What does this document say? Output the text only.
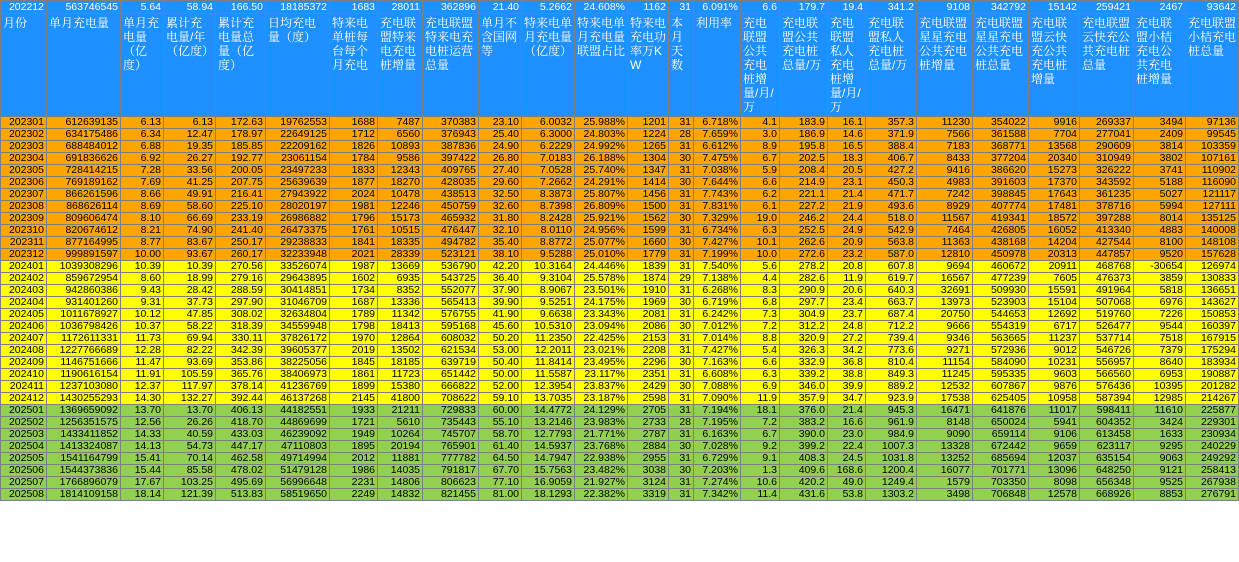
202212	563746545	5.64	58.94	166.50	18185372	1683	28011	362896	21.40	5.2662	24.608%	1162	31	6.091%	6.6	179.7	19.4	341.2	9108	342792	15142	259421	2467	93642
月份	单月充电量	单月充电量（亿度）	累计充电量/年（亿度）	累计充电量总量（亿度）	日均充电量（度）	特来电单桩每台每个月充电	充电联盟特来电充电桩增量	充电联盟特来电充电桩运营总量	单月不含国网等	特来电单月充电量（亿度）	特来电单月充电量联盟占比	特来电充电功率万KW	本月天数	利用率	充电联盟公共充电桩增量/月/万	充电联盟公共充电桩总量/万	充电联盟私人充电桩增量/月/万	充电联盟私人充电桩总量/万	充电联盟星星充电公共充电桩增量	充电联盟星星充电公共充电桩总量	充电联盟云快充公共充电桩增量	充电联盟云快充公共充电桩总量	充电联盟小桔充电公共充电桩增量	充电联盟小桔充电桩总量
202301	612639135	6.13	6.13	172.63	19762553	1688	7487	370383	23.10	6.0032	25.988%	1201	31	6.718%	4.1	183.9	16.1	357.3	11230	354022	9916	269337	3494	97136
202302	634175486	6.34	12.47	178.97	22649125	1712	6560	376943	25.40	6.3000	24.803%	1224	28	7.659%	3.0	186.9	14.6	371.9	7566	361588	7704	277041	2409	99545
202303	688484012	6.88	19.35	185.85	22209162	1826	10893	387836	24.90	6.2229	24.992%	1265	31	6.612%	8.9	195.8	16.5	388.4	7183	368771	13568	290609	3814	103359
202304	691836626	6.92	26.27	192.77	23061154	1784	9586	397422	26.80	7.0183	26.188%	1304	30	7.475%	6.7	202.5	18.3	406.7	8433	377204	20340	310949	3802	107161
202305	728414215	7.28	33.56	200.05	23497233	1833	12343	409765	27.40	7.0528	25.740%	1347	31	7.038%	5.9	208.4	20.5	427.2	9416	386620	15273	326222	3741	110902
202306	769189162	7.69	41.25	207.75	25639639	1877	18270	428035	29.60	7.2662	24.291%	1414	30	7.644%	6.6	214.9	23.1	450.3	4983	391603	17370	343592	5188	116090
202307	866261596	8.66	49.91	216.41	27943922	2024	10478	438513	32.50	8.3873	25.807%	1456	31	7.743%	6.2	221.1	21.4	471.7	7242	398845	17643	361235	5027	121117
202308	868626114	8.69	58.60	225.10	28020197	1981	12246	450759	32.60	8.7398	26.809%	1500	31	7.831%	6.1	227.2	21.9	493.6	8929	407774	17481	378716	5994	127111
202309	809606474	8.10	66.69	233.19	26986882	1796	15173	465932	31.80	8.2428	25.921%	1562	30	7.329%	19.0	246.2	24.4	518.0	11567	419341	18572	397288	8014	135125
202310	820674612	8.21	74.90	241.40	26473375	1761	10515	476447	32.10	8.0110	24.956%	1599	31	6.734%	6.3	252.5	24.9	542.9	7464	426805	16052	413340	4883	140008
202311	877164995	8.77	83.67	250.17	29238833	1841	18335	494782	35.40	8.8772	25.077%	1660	30	7.427%	10.1	262.6	20.9	563.8	11363	438168	14204	427544	8100	148108
202312	999891597	10.00	93.67	260.17	32233948	2021	28339	523121	38.10	9.5288	25.010%	1779	31	7.199%	10.0	272.6	23.2	587.0	12810	450978	20313	447857	9520	157628
202401	1039308296	10.39	10.39	270.56	33526074	1987	13669	536790	42.20	10.3164	24.446%	1839	31	7.540%	5.6	278.2	20.8	607.8	9694	460672	20911	468768	-30654	126974
202402	859672954	8.60	18.99	279.16	29643895	1602	6935	543725	36.40	9.3104	25.578%	1874	29	7.138%	4.4	282.6	11.9	619.7	16567	477239	7605	476373	3859	130833
202403	942860386	9.43	28.42	288.59	30414851	1734	8352	552077	37.90	8.9067	23.501%	1910	31	6.268%	8.3	290.9	20.6	640.3	32691	509930	15591	491964	5818	136651
202404	931401260	9.31	37.73	297.90	31046709	1687	13336	565413	39.90	9.5251	24.175%	1969	30	6.719%	6.8	297.7	23.4	663.7	13973	523903	15104	507068	6976	143627
202405	1011678927	10.12	47.85	308.02	32634804	1789	11342	576755	41.90	9.6638	23.343%	2081	31	6.242%	7.3	304.9	23.7	687.4	20750	544653	12692	519760	7226	150853
202406	1036798426	10.37	58.22	318.39	34559948	1798	18413	595168	45.60	10.5310	23.094%	2086	30	7.012%	7.2	312.2	24.8	712.2	9666	554319	6717	526477	9544	160397
202407	1172611331	11.73	69.94	330.11	37826172	1970	12864	608032	50.20	11.2350	22.425%	2153	31	7.014%	8.8	320.9	27.2	739.4	9346	563665	11237	537714	7518	167915
202408	1227766689	12.28	82.22	342.39	39605377	2019	13502	621534	53.00	12.2011	23.021%	2208	31	7.427%	5.4	326.3	34.2	773.6	9271	572936	9012	546726	7379	175294
202409	1146751666	11.47	93.69	353.86	38225056	1845	18185	639719	50.40	11.8414	23.495%	2296	30	7.163%	6.6	332.9	36.8	810.4	11154	584090	10231	556957	8640	183934
202410	1190616154	11.91	105.59	365.76	38406973	1861	11723	651442	50.00	11.5587	23.117%	2351	31	6.608%	6.3	339.2	38.8	849.3	11245	595335	9603	566560	6953	190887
202411	1237103080	12.37	117.97	378.14	41236769	1899	15380	666822	52.00	12.3954	23.837%	2429	30	7.088%	6.9	346.0	39.9	889.2	12532	607867	9876	576436	10395	201282
202412	1430255293	14.30	132.27	392.44	46137268	2145	41800	708622	59.10	13.7035	23.187%	2598	31	7.090%	11.9	357.9	34.7	923.9	17538	625405	10958	587394	12985	214267
202501	1369659092	13.70	13.70	406.13	44182551	1933	21211	729833	60.00	14.4772	24.129%	2705	31	7.194%	18.1	376.0	21.4	945.3	16471	641876	11017	598411	11610	225877
202502	1256351575	12.56	26.26	418.70	44869699	1721	5610	735443	55.10	13.2146	23.983%	2733	28	7.195%	7.2	383.2	16.6	961.9	8148	650024	5941	604352	3424	229301
202503	1433411852	14.33	40.59	433.03	46239092	1949	10264	745707	58.70	12.7793	21.771%	2787	31	6.163%	6.7	390.0	23.0	984.9	9090	659114	9106	613458	1633	230934
202504	1413324087	14.13	54.73	447.17	47110803	1895	20194	765901	61.40	14.5937	23.768%	2884	30	7.028%	9.2	399.2	22.4	1007.3	13328	672442	9659	623117	9295	240229
202505	1541164799	15.41	70.14	462.58	49714994	2012	11881	777782	64.50	14.7947	22.938%	2955	31	6.729%	9.1	408.3	24.5	1031.8	13252	685694	12037	635154	9063	249292
202506	1544373836	15.44	85.58	478.02	51479128	1986	14035	791817	67.70	15.7563	23.482%	3038	30	7.203%	1.3	409.6	168.6	1200.4	16077	701771	13096	648250	9121	258413
202507	1766896079	17.67	103.25	495.69	56996648	2231	14806	806623	77.10	16.9059	21.927%	3124	31	7.274%	10.6	420.2	49.0	1249.4	1579	703350	8098	656348	9525	267938
202508	1814109158	18.14	121.39	513.83	58519650	2249	14832	821455	81.00	18.1293	22.382%	3319	31	7.342%	11.4	431.6	53.8	1303.2	3498	706848	12578	668926	8853	276791
